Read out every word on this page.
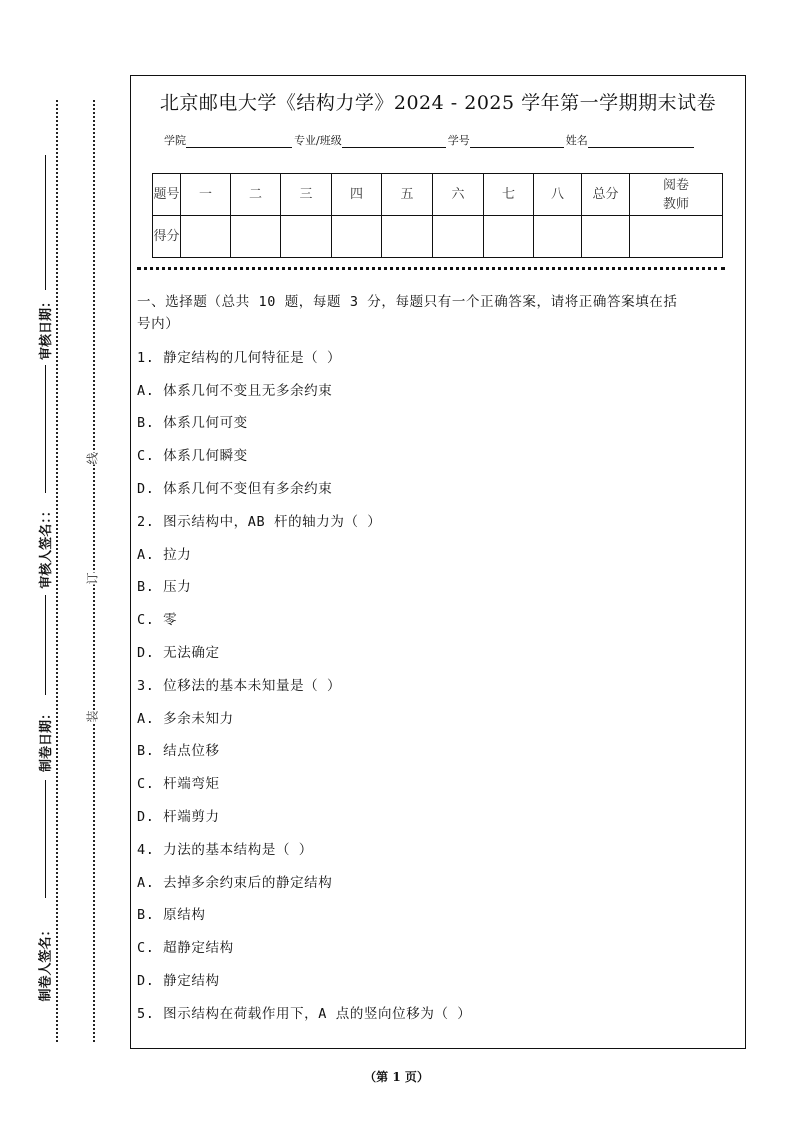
审核日期：
审核人签名：：
制卷日期：
制卷人签名：
线
订
装
北京邮电大学《结构力学》2024 - 2025 学年第一学期期末试卷
学院	专业/班级	学号	姓名
题号	一	二	三	四	五	六	七	八	总分	阅卷教师
得分										
一、选择题（总共 10 题，每题 3 分，每题只有一个正确答案，请将正确答案填在括
号内）
1. 静定结构的几何特征是（ ）
A. 体系几何不变且无多余约束
B. 体系几何可变
C. 体系几何瞬变
D. 体系几何不变但有多余约束
2. 图示结构中，AB 杆的轴力为（ ）
A. 拉力
B. 压力
C. 零
D. 无法确定
3. 位移法的基本未知量是（ ）
A. 多余未知力
B. 结点位移
C. 杆端弯矩
D. 杆端剪力
4. 力法的基本结构是（ ）
A. 去掉多余约束后的静定结构
B. 原结构
C. 超静定结构
D. 静定结构
5. 图示结构在荷载作用下，A 点的竖向位移为（ ）
（第 1 页）
